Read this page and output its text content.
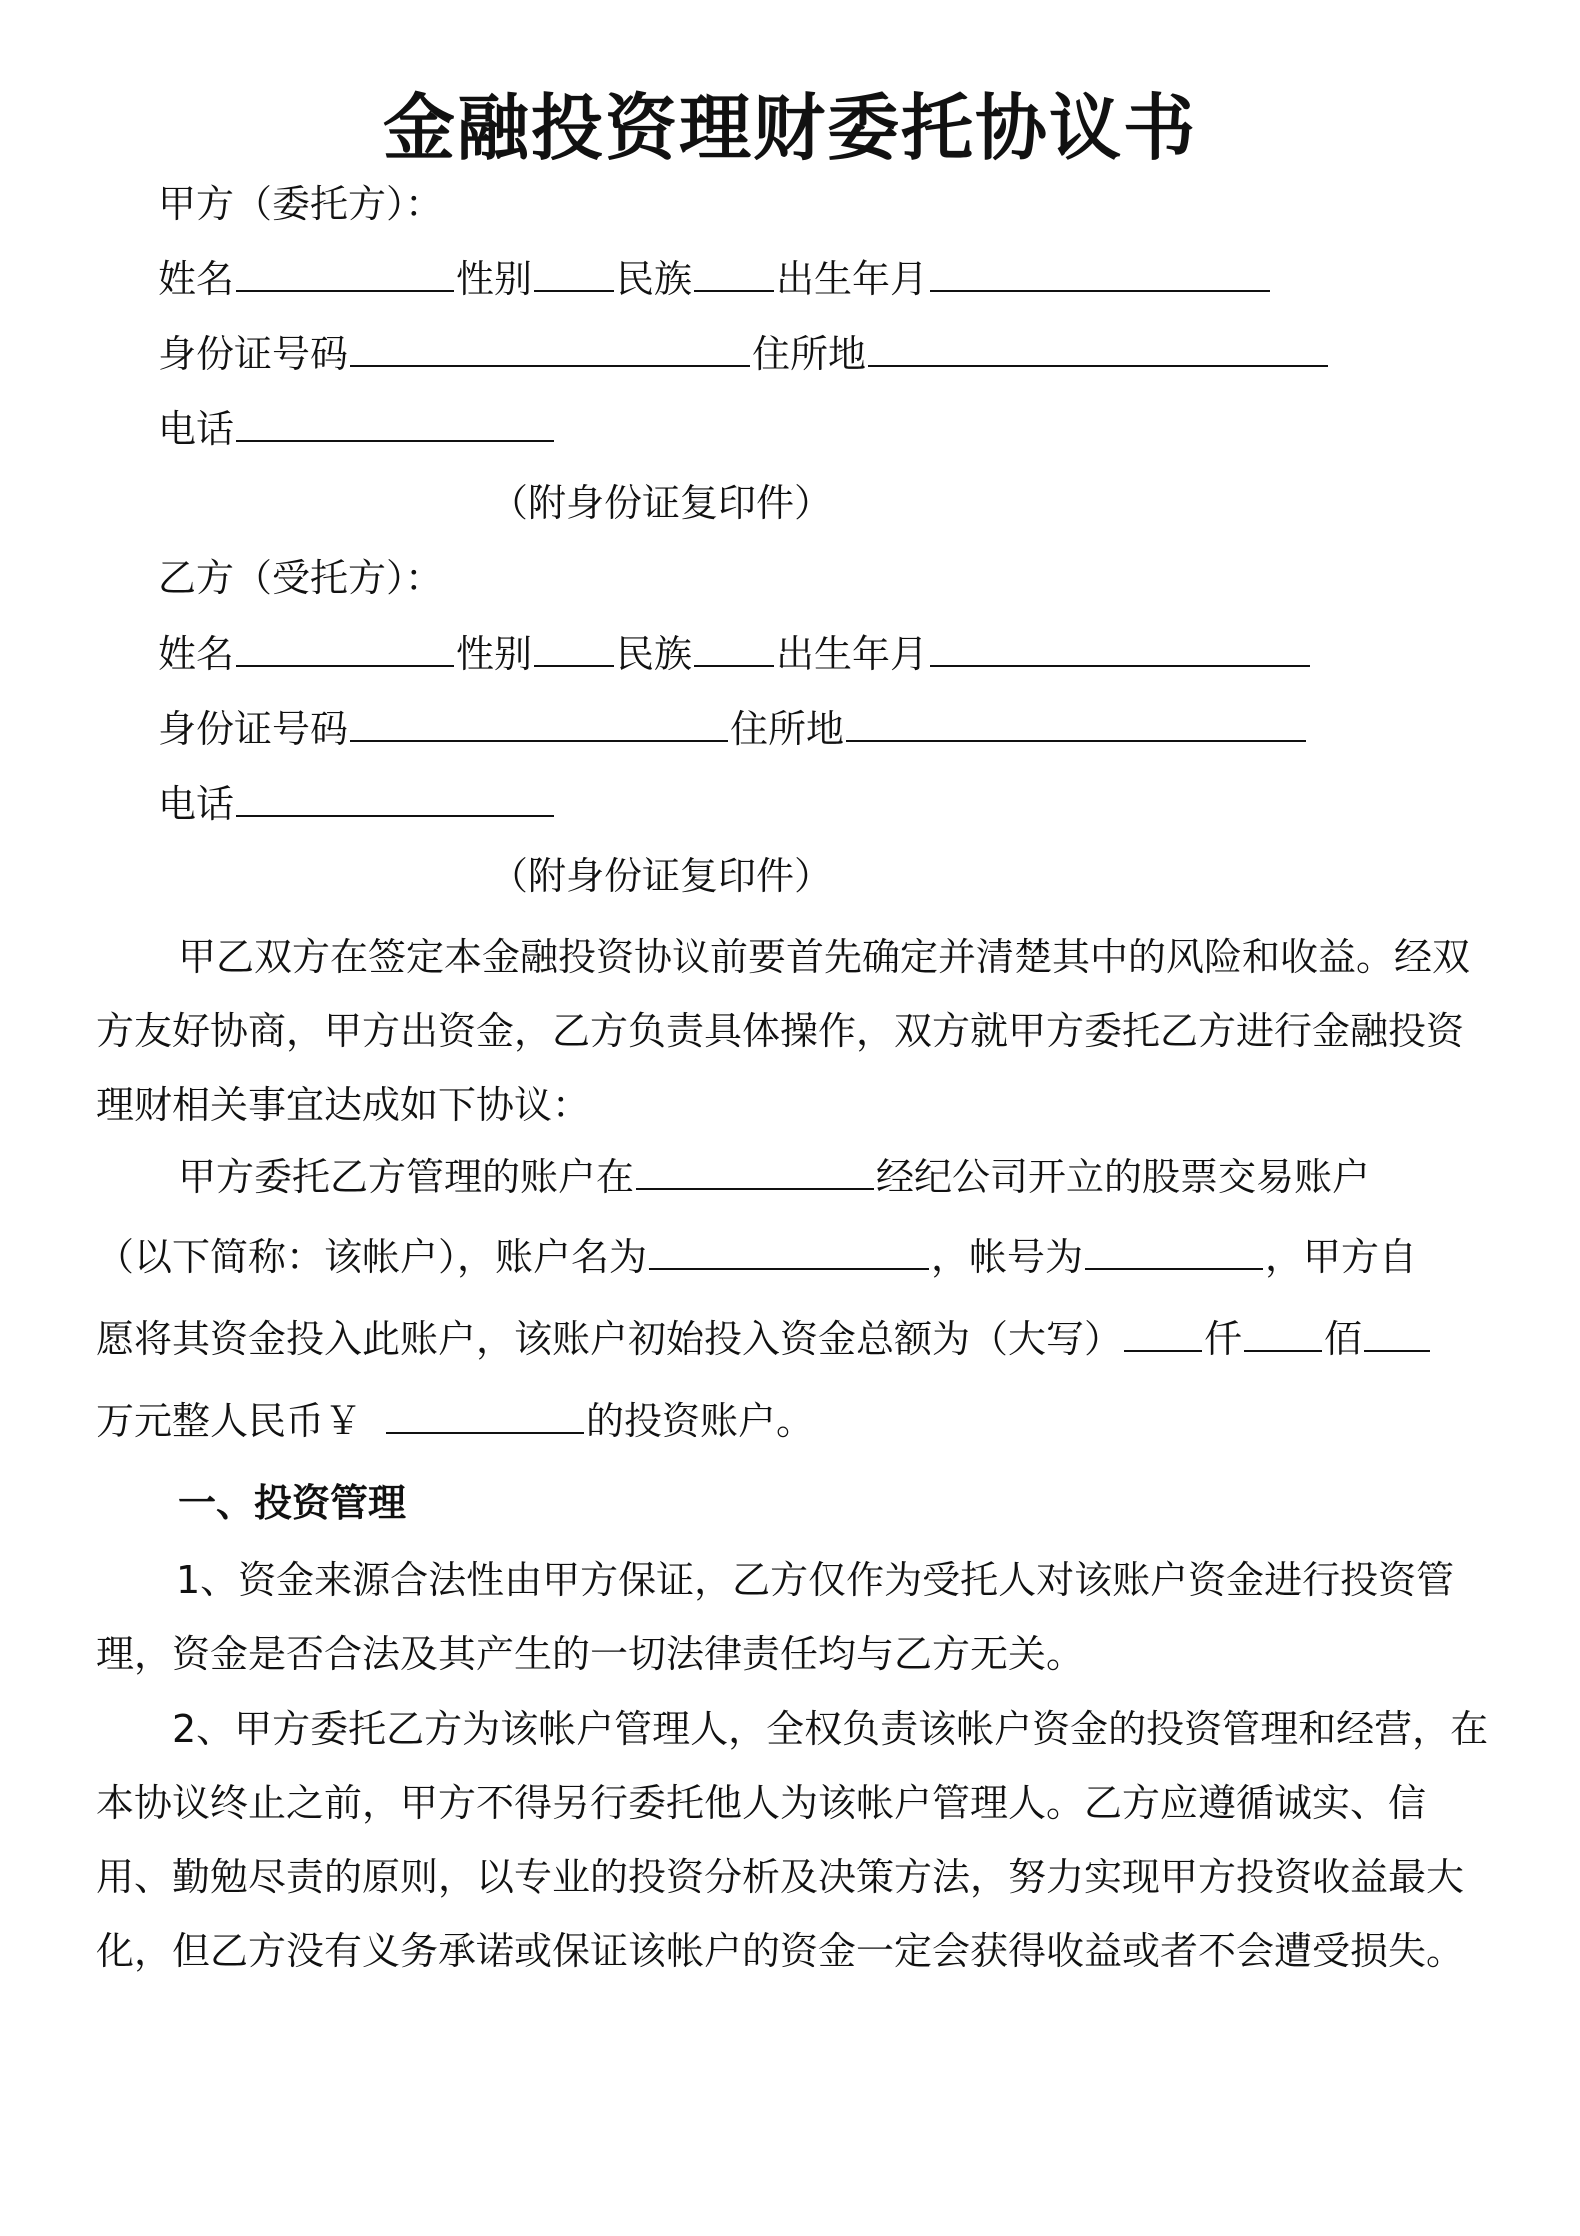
金融投资理财委托协议书
甲方（委托方）：
姓名	性别 民族 出生年月
身份证号码	住所地
电话
（附身份证复印件）
乙方（受托方）：
姓名	性别 民族 出生年月
身份证号码	住所地
电话
（附身份证复印件）
甲乙双方在签定本金融投资协议前要首先确定并清楚其中的风险和收益。经双方友好协商，甲方出资金，乙方负责具体操作，双方就甲方委托乙方进行金融投资理财相关事宜达成如下协议：
甲方委托乙方管理的账户在	经纪公司开立的股票交易账户
（以下简称：该帐户），账户名为	，帐号为	，甲方自
愿将其资金投入此账户，该账户初始投入资金总额为（大写） 仟 佰
万元整人民币￥	的投资账户。
一、投资管理
1、资金来源合法性由甲方保证，乙方仅作为受托人对该账户资金进行投资管理，资金是否合法及其产生的一切法律责任均与乙方无关。
2、甲方委托乙方为该帐户管理人，全权负责该帐户资金的投资管理和经营，在本协议终止之前，甲方不得另行委托他人为该帐户管理人。乙方应遵循诚实、信用、勤勉尽责的原则，以专业的投资分析及决策方法，努力实现甲方投资收益最大化，但乙方没有义务承诺或保证该帐户的资金一定会获得收益或者不会遭受损失。
